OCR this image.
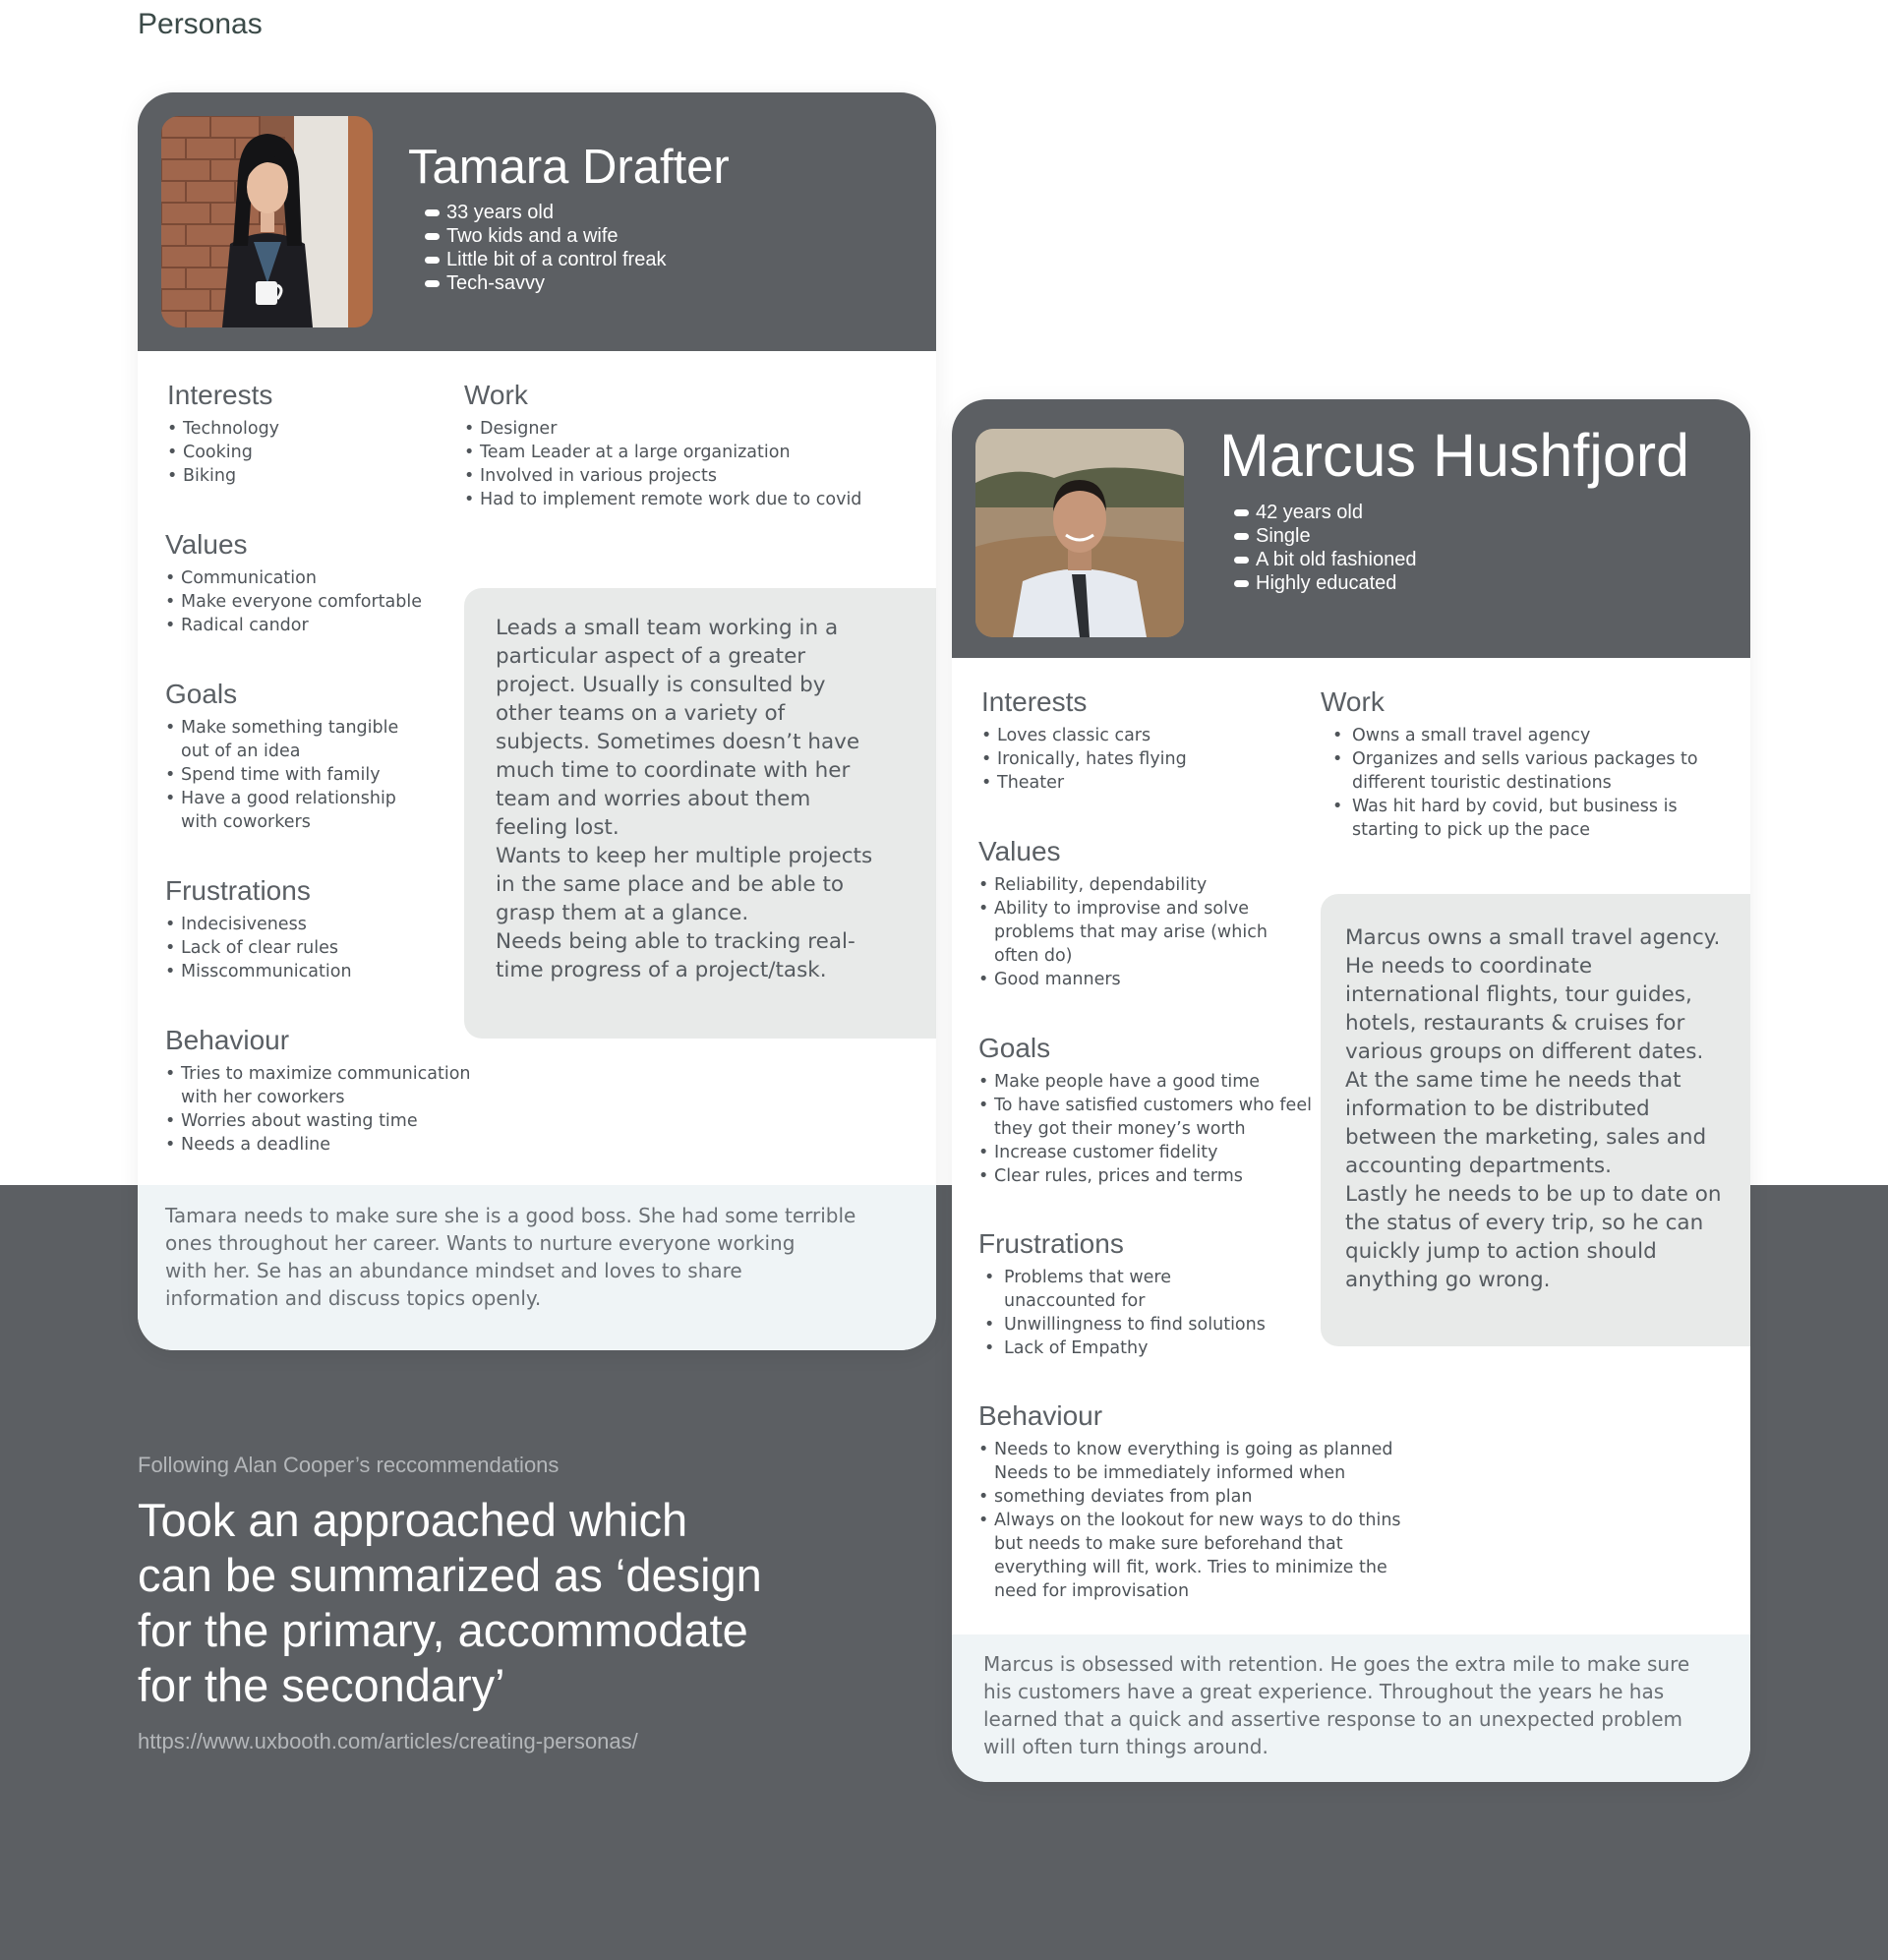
Personas
Tamara Drafter
33 years old
Two kids and a wife
Little bit of a control freak
Tech-savvy
Interests
• Technology
• Cooking
• Biking
Work
• Designer
• Team Leader at a large organization
• Involved in various projects
• Had to implement remote work due to covid
Values
• Communication
• Make everyone comfortable
• Radical candor
Goals
• Make something tangible out of an idea
• Spend time with family
• Have a good relationship with coworkers
Frustrations
• Indecisiveness
• Lack of clear rules
• Misscommunication
Behaviour
• Tries to maximize communication with her coworkers
• Worries about wasting time
• Needs a deadline
Leads a small team working in a
particular aspect of a greater
project. Usually is consulted by
other teams on a variety of
subjects. Sometimes doesn’t have
much time to coordinate with her
team and worries about them
feeling lost.
Wants to keep her multiple projects
in the same place and be able to
grasp them at a glance.
Needs being able to tracking real-
time progress of a project/task.
Tamara needs to make sure she is a good boss. She had some terrible
ones throughout her career. Wants to nurture everyone working
with her. Se has an abundance mindset and loves to share
information and discuss topics openly.
Marcus Hushfjord
42 years old
Single
A bit old fashioned
Highly educated
Interests
• Loves classic cars
• Ironically, hates flying
• Theater
Work
• Owns a small travel agency
• Organizes and sells various packages to different touristic destinations
• Was hit hard by covid, but business is starting to pick up the pace
Values
• Reliability, dependability
• Ability to improvise and solve problems that may arise (which often do)
• Good manners
Goals
• Make people have a good time
• To have satisfied customers who feel they got their money’s worth
• Increase customer fidelity
• Clear rules, prices and terms
Frustrations
• Problems that were unaccounted for
• Unwillingness to find solutions
• Lack of Empathy
Behaviour
• Needs to know everything is going as planned Needs to be immediately informed when
• something deviates from plan
• Always on the lookout for new ways to do thins but needs to make sure beforehand that everything will fit, work. Tries to minimize the need for improvisation
Marcus owns a small travel agency.
He needs to coordinate
international flights, tour guides,
hotels, restaurants & cruises for
various groups on different dates.
At the same time he needs that
information to be distributed
between the marketing, sales and
accounting departments.
Lastly he needs to be up to date on
the status of every trip, so he can
quickly jump to action should
anything go wrong.
Marcus is obsessed with retention. He goes the extra mile to make sure
his customers have a great experience. Throughout the years he has
learned that a quick and assertive response to an unexpected problem
will often turn things around.
Following Alan Cooper’s reccommendations
Took an approached which
can be summarized as ‘design
for the primary, accommodate
for the secondary’
https://www.uxbooth.com/articles/creating-personas/
